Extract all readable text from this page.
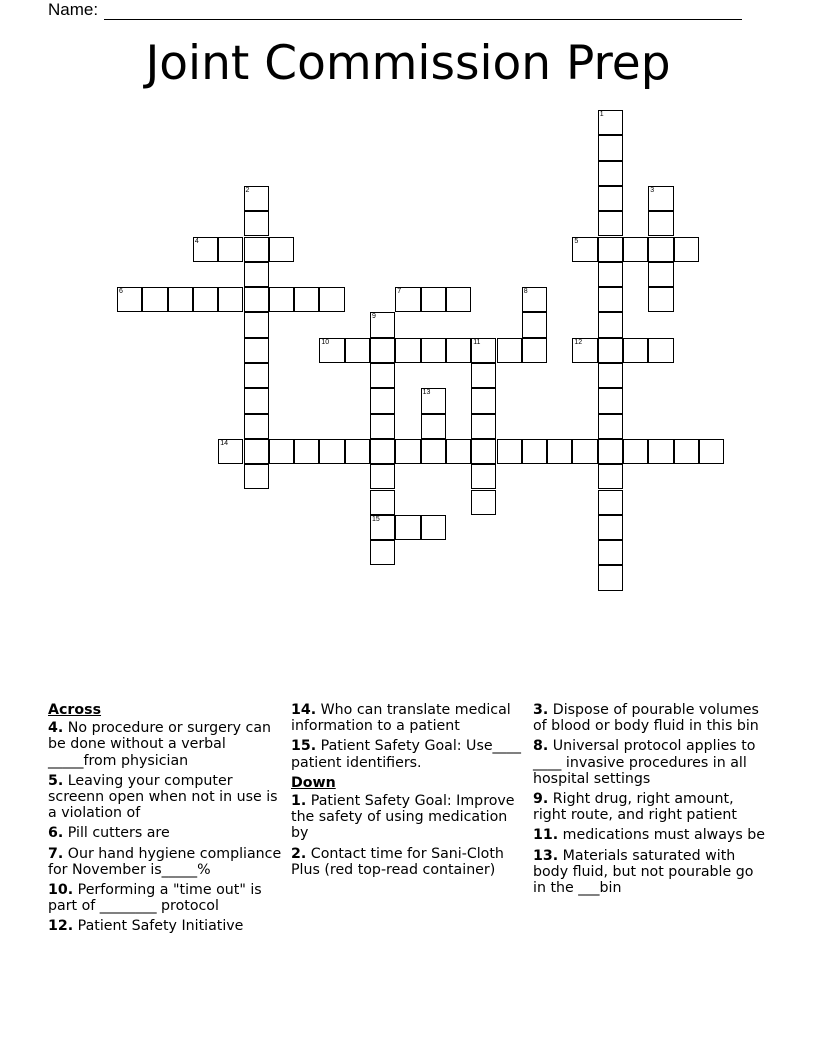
Name:
Joint Commission Prep
1
2	3
4	5
6	7	8
9
15
10	11	12
13
14
Across
4. No procedure or surgery can be done without a verbal _____from physician
5. Leaving your computer screenn open when not in use is a violation of
6. Pill cutters are
7. Our hand hygiene compliance for November is_____%
10. Performing a "time out" is part of ________ protocol
12. Patient Safety Initiative
14. Who can translate medical information to a patient
15. Patient Safety Goal: Use____ patient identifiers.
Down
1. Patient Safety Goal: Improve the safety of using medication by
2. Contact time for Sani-Cloth Plus (red top-read container)
3. Dispose of pourable volumes of blood or body fluid in this bin
8. Universal protocol applies to ____ invasive procedures in all hospital settings
9. Right drug, right amount, right route, and right patient
11. medications must always be
13. Materials saturated with body fluid, but not pourable go in the ___bin
